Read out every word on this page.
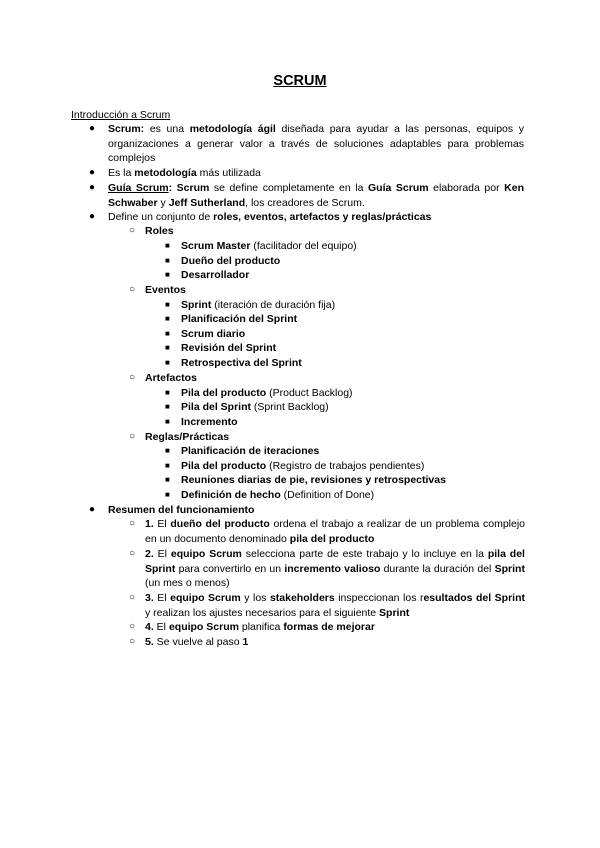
SCRUM
Introducción a Scrum
● Scrum: es una metodología ágil diseñada para ayudar a las personas, equipos y organizaciones a generar valor a través de soluciones adaptables para problemas complejos
● Es la metodología más utilizada
● Guía Scrum: Scrum se define completamente en la Guía Scrum elaborada por Ken Schwaber y Jeff Sutherland, los creadores de Scrum.
● Define un conjunto de roles, eventos, artefactos y reglas/prácticas
○ Roles
■ Scrum Master (facilitador del equipo)
■ Dueño del producto
■ Desarrollador
○ Eventos
■ Sprint (iteración de duración fija)
■ Planificación del Sprint
■ Scrum diario
■ Revisión del Sprint
■ Retrospectiva del Sprint
○ Artefactos
■ Pila del producto (Product Backlog)
■ Pila del Sprint (Sprint Backlog)
■ Incremento
○ Reglas/Prácticas
■ Planificación de iteraciones
■ Pila del producto (Registro de trabajos pendientes)
■ Reuniones diarias de pie, revisiones y retrospectivas
■ Definición de hecho (Definition of Done)
● Resumen del funcionamiento
○ 1. El dueño del producto ordena el trabajo a realizar de un problema complejo en un documento denominado pila del producto
○ 2. El equipo Scrum selecciona parte de este trabajo y lo incluye en la pila del Sprint para convertirlo en un incremento valioso durante la duración del Sprint (un mes o menos)
○ 3. El equipo Scrum y los stakeholders inspeccionan los resultados del Sprint y realizan los ajustes necesarios para el siguiente Sprint
○ 4. El equipo Scrum planifica formas de mejorar
○ 5. Se vuelve al paso 1
